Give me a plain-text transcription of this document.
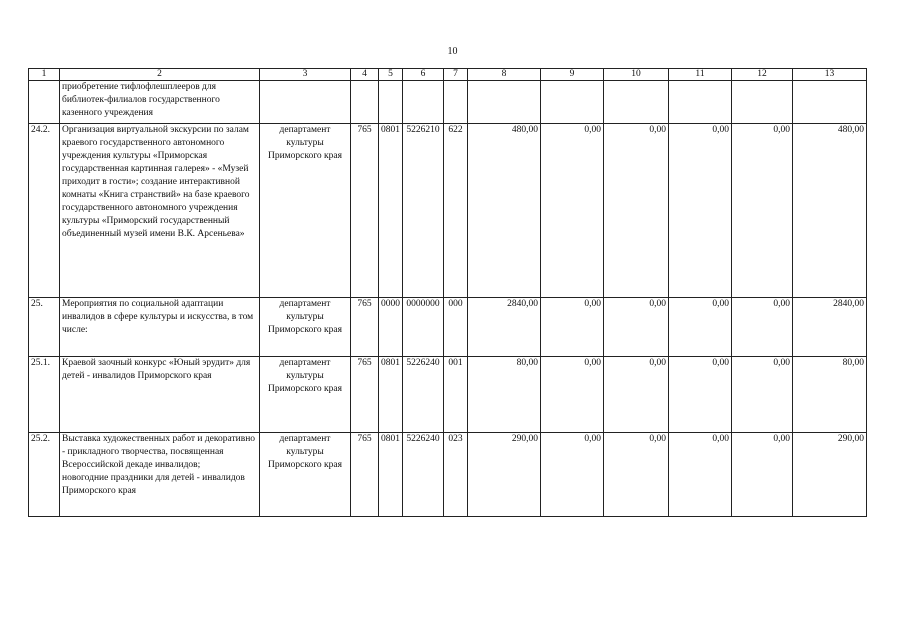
10
1	2	3	4	5	6	7	8	9	10	11	12	13
	приобретение тифлофлешплееров для библиотек-филиалов государственного казенного учреждения											
24.2.	Организация виртуальной экскурсии по залам краевого государственного автономного учреждения культуры «Приморская государственная картинная галерея» - «Музей приходит в гости»; создание интерактивной комнаты «Книга странствий» на базе краевого государственного автономного учреждения культуры «Приморский государственный объединенный музей имени В.К. Арсеньева»	департамент культуры Приморского края	765	0801	5226210	622	480,00	0,00	0,00	0,00	0,00	480,00
25.	Мероприятия по социальной адаптации инвалидов в сфере культуры и искусства, в том числе:	департамент культуры Приморского края	765	0000	0000000	000	2840,00	0,00	0,00	0,00	0,00	2840,00
25.1.	Краевой заочный конкурс «Юный эрудит» для детей - инвалидов Приморского края	департамент культуры Приморского края	765	0801	5226240	001	80,00	0,00	0,00	0,00	0,00	80,00
25.2.	Выставка художественных работ и декоративно - прикладного творчества, посвященная Всероссийской декаде инвалидов;
новогодние праздники для детей - инвалидов Приморского края	департамент культуры Приморского края	765	0801	5226240	023	290,00	0,00	0,00	0,00	0,00	290,00
